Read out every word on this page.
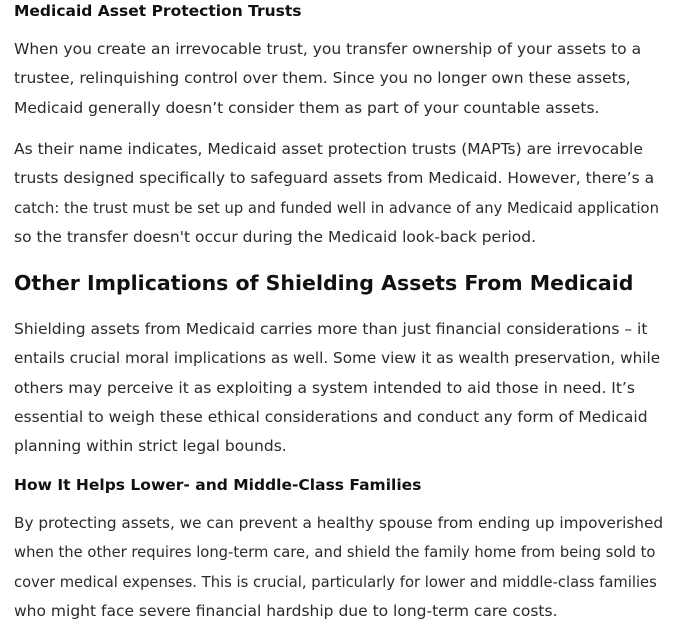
Medicaid Asset Protection Trusts
When you create an irrevocable trust, you transfer ownership of your assets to a
trustee, relinquishing control over them. Since you no longer own these assets,
Medicaid generally doesn’t consider them as part of your countable assets.
As their name indicates, Medicaid asset protection trusts (MAPTs) are irrevocable
trusts designed specifically to safeguard assets from Medicaid. However, there’s a
catch: the trust must be set up and funded well in advance of any Medicaid application
so the transfer doesn't occur during the Medicaid look-back period.
Other Implications of Shielding Assets From Medicaid
Shielding assets from Medicaid carries more than just financial considerations – it
entails crucial moral implications as well. Some view it as wealth preservation, while
others may perceive it as exploiting a system intended to aid those in need. It’s
essential to weigh these ethical considerations and conduct any form of Medicaid
planning within strict legal bounds.
How It Helps Lower- and Middle-Class Families
By protecting assets, we can prevent a healthy spouse from ending up impoverished
when the other requires long-term care, and shield the family home from being sold to
cover medical expenses. This is crucial, particularly for lower and middle-class families
who might face severe financial hardship due to long-term care costs.
